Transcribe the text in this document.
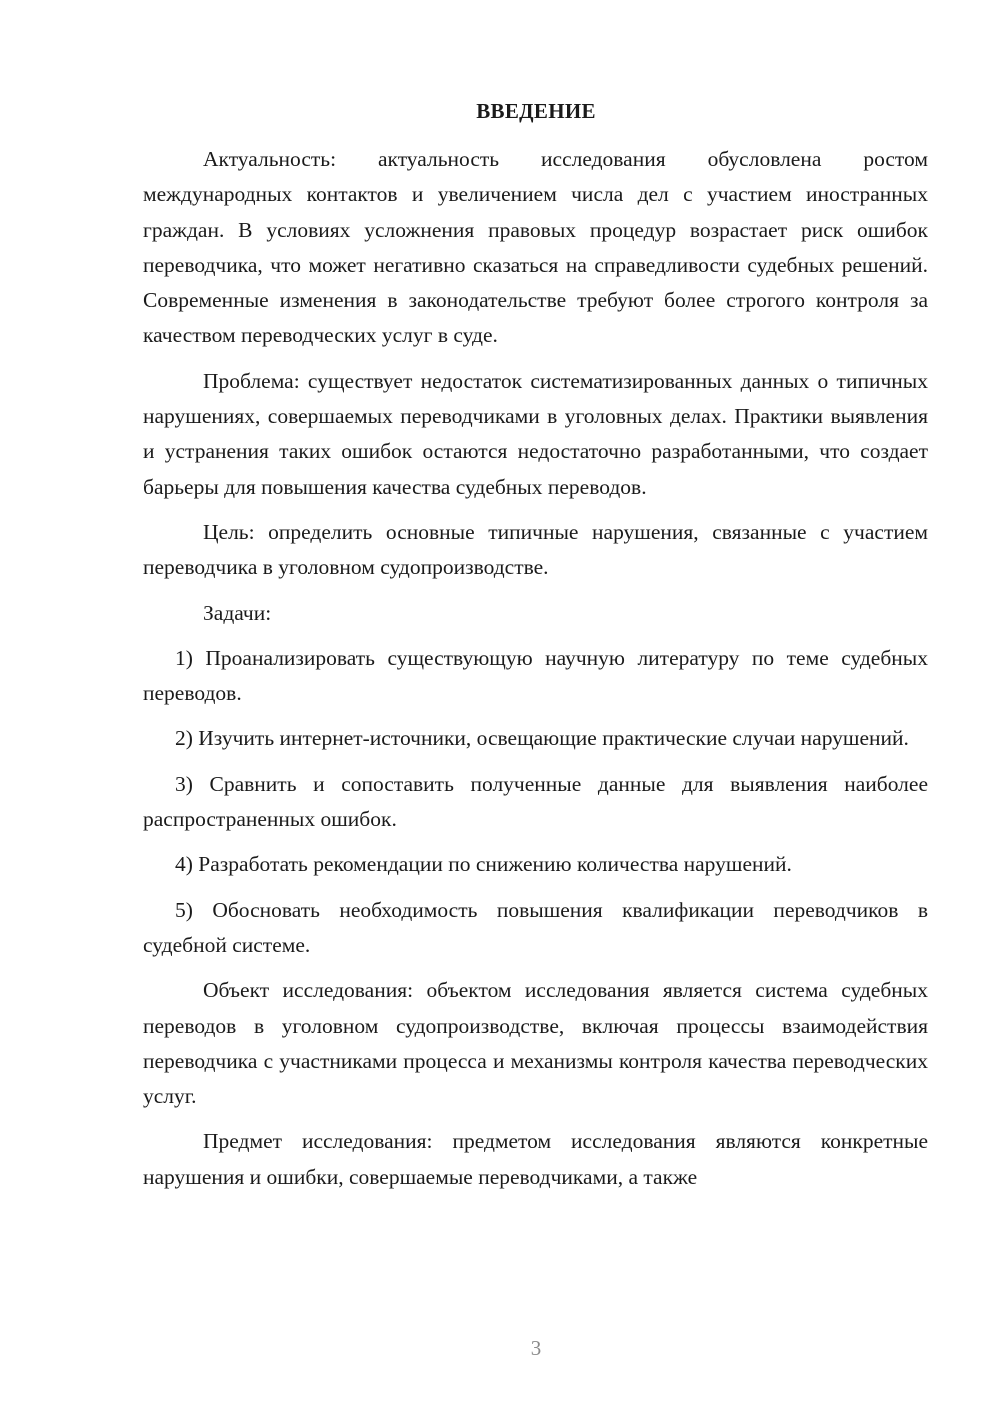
ВВЕДЕНИЕ

Актуальность: актуальность исследования обусловлена ростом международных контактов и увеличением числа дел с участием иностранных граждан. В условиях усложнения правовых процедур возрастает риск ошибок переводчика, что может негативно сказаться на справедливости судебных решений. Современные изменения в законодательстве требуют более строгого контроля за качеством переводческих услуг в суде.

Проблема: существует недостаток систематизированных данных о типичных нарушениях, совершаемых переводчиками в уголовных делах. Практики выявления и устранения таких ошибок остаются недостаточно разработанными, что создает барьеры для повышения качества судебных переводов.

Цель: определить основные типичные нарушения, связанные с участием переводчика в уголовном судопроизводстве.

Задачи:

1) Проанализировать существующую научную литературу по теме судебных переводов.

2) Изучить интернет-источники, освещающие практические случаи нарушений.

3) Сравнить и сопоставить полученные данные для выявления наиболее распространенных ошибок.

4) Разработать рекомендации по снижению количества нарушений.

5) Обосновать необходимость повышения квалификации переводчиков в судебной системе.

Объект исследования: объектом исследования является система судебных переводов в уголовном судопроизводстве, включая процессы взаимодействия переводчика с участниками процесса и механизмы контроля качества переводческих услуг.

Предмет исследования: предметом исследования являются конкретные нарушения и ошибки, совершаемые переводчиками, а также

3
